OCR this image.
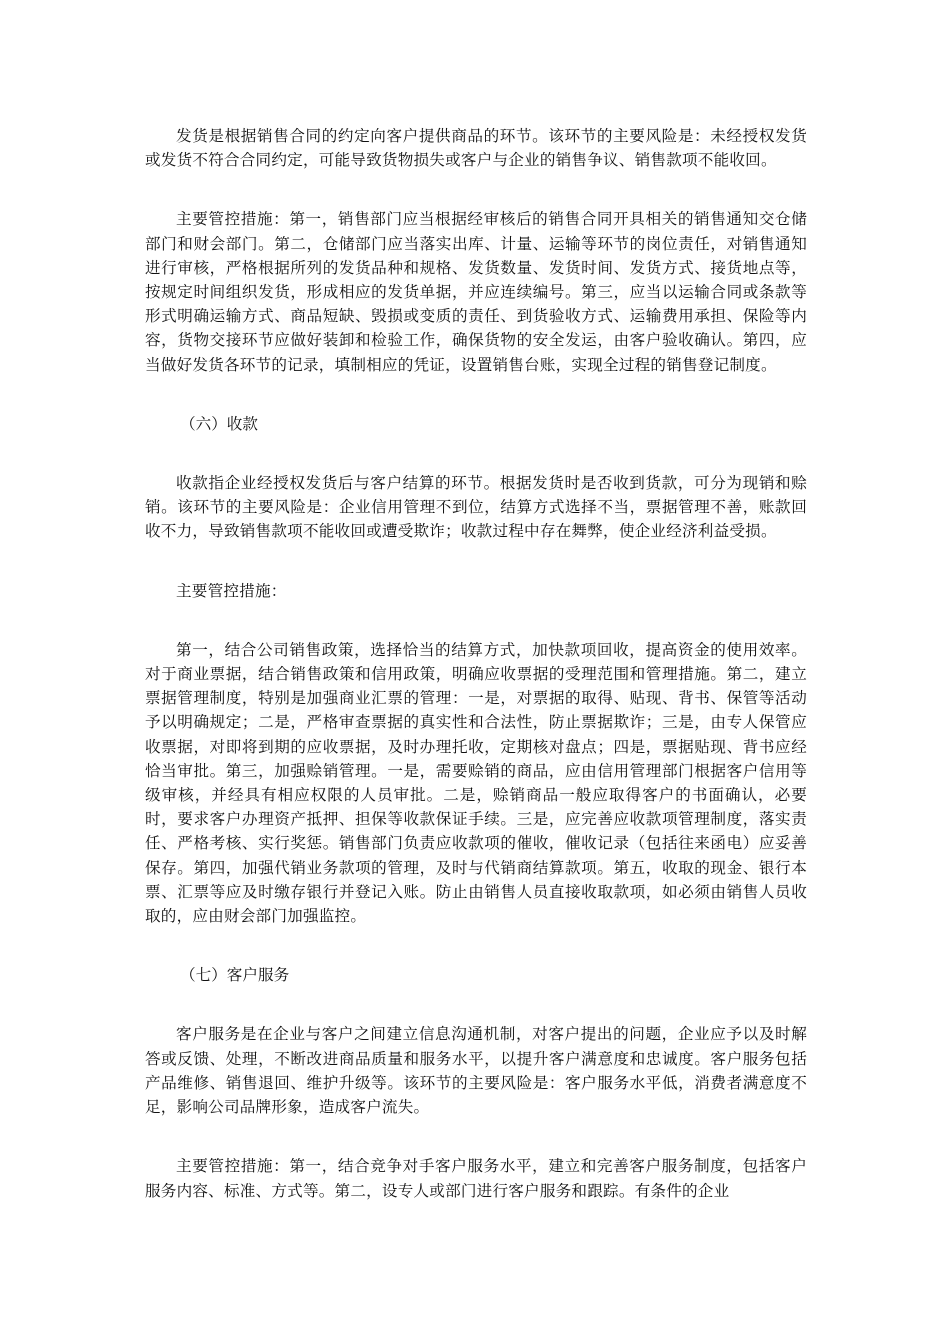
发货是根据销售合同的约定向客户提供商品的环节。该环节的主要风险是：未经授权发货或发货不符合合同约定，可能导致货物损失或客户与企业的销售争议、销售款项不能收回。

主要管控措施：第一，销售部门应当根据经审核后的销售合同开具相关的销售通知交仓储部门和财会部门。第二，仓储部门应当落实出库、计量、运输等环节的岗位责任，对销售通知进行审核，严格根据所列的发货品种和规格、发货数量、发货时间、发货方式、接货地点等，按规定时间组织发货，形成相应的发货单据，并应连续编号。第三，应当以运输合同或条款等形式明确运输方式、商品短缺、毁损或变质的责任、到货验收方式、运输费用承担、保险等内容，货物交接环节应做好装卸和检验工作，确保货物的安全发运，由客户验收确认。第四，应当做好发货各环节的记录，填制相应的凭证，设置销售台账，实现全过程的销售登记制度。

（六）收款

收款指企业经授权发货后与客户结算的环节。根据发货时是否收到货款，可分为现销和赊销。该环节的主要风险是：企业信用管理不到位，结算方式选择不当，票据管理不善，账款回收不力，导致销售款项不能收回或遭受欺诈；收款过程中存在舞弊，使企业经济利益受损。

主要管控措施：

第一，结合公司销售政策，选择恰当的结算方式，加快款项回收，提高资金的使用效率。对于商业票据，结合销售政策和信用政策，明确应收票据的受理范围和管理措施。第二，建立票据管理制度，特别是加强商业汇票的管理：一是，对票据的取得、贴现、背书、保管等活动予以明确规定；二是，严格审查票据的真实性和合法性，防止票据欺诈；三是，由专人保管应收票据，对即将到期的应收票据，及时办理托收，定期核对盘点；四是，票据贴现、背书应经恰当审批。第三，加强赊销管理。一是，需要赊销的商品，应由信用管理部门根据客户信用等级审核，并经具有相应权限的人员审批。二是，赊销商品一般应取得客户的书面确认，必要时，要求客户办理资产抵押、担保等收款保证手续。三是，应完善应收款项管理制度，落实责任、严格考核、实行奖惩。销售部门负责应收款项的催收，催收记录（包括往来函电）应妥善保存。第四，加强代销业务款项的管理，及时与代销商结算款项。第五，收取的现金、银行本票、汇票等应及时缴存银行并登记入账。防止由销售人员直接收取款项，如必须由销售人员收取的，应由财会部门加强监控。

（七）客户服务

客户服务是在企业与客户之间建立信息沟通机制，对客户提出的问题，企业应予以及时解答或反馈、处理，不断改进商品质量和服务水平，以提升客户满意度和忠诚度。客户服务包括产品维修、销售退回、维护升级等。该环节的主要风险是：客户服务水平低，消费者满意度不足，影响公司品牌形象，造成客户流失。

主要管控措施：第一，结合竞争对手客户服务水平，建立和完善客户服务制度，包括客户服务内容、标准、方式等。第二，设专人或部门进行客户服务和跟踪。有条件的企业
